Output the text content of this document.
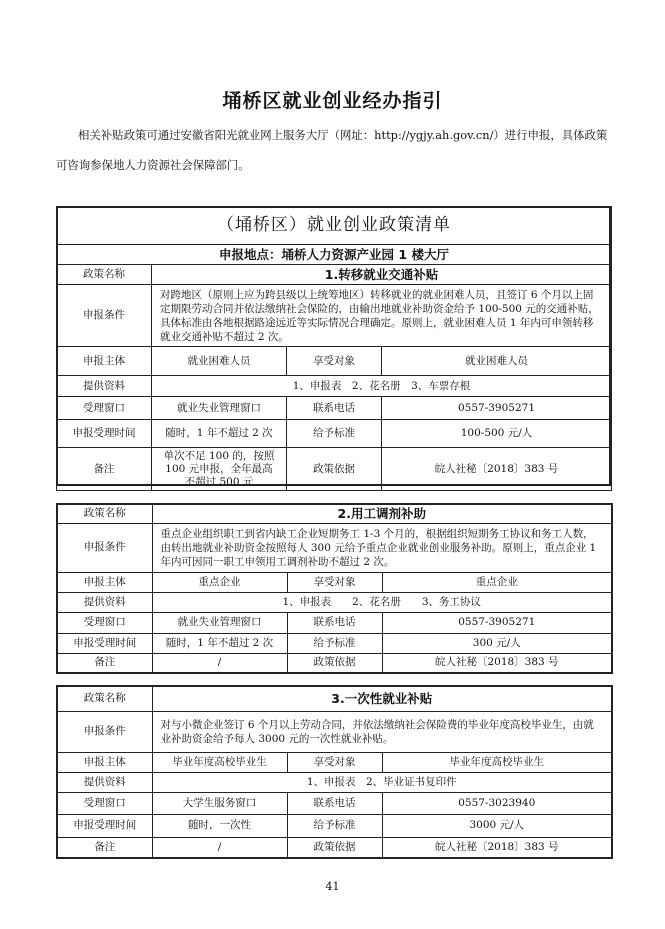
埇桥区就业创业经办指引
相关补贴政策可通过安徽省阳光就业网上服务大厅（网址：http://ygjy.ah.gov.cn/）进行申报，具体政策可咨询参保地人力资源社会保障部门。
（埇桥区）就业创业政策清单			
申报地点：埇桥人力资源产业园 1 楼大厅			
政策名称	1.转移就业交通补贴		
申报条件	对跨地区（原则上应为跨县级以上统筹地区）转移就业的就业困难人员，且签订 6 个月以上固定期限劳动合同并依法缴纳社会保险的，由输出地就业补助资金给予 100-500 元的交通补贴，具体标准由各地根据路途远近等实际情况合理确定。原则上，就业困难人员 1 年内可申领转移就业交通补贴不超过 2 次。		
申报主体	就业困难人员	享受对象	就业困难人员
提供资料	1、申报表　2、花名册　3、车票存根		
受理窗口	就业失业管理窗口	联系电话	0557-3905271
申报受理时间	随时，1 年不超过 2 次	给予标准	100-500 元/人
备注	单次不足 100 的，按照 100 元申报，全年最高不超过 500 元	政策依据	皖人社秘〔2018〕383 号
政策名称	2.用工调剂补助		
申报条件	重点企业组织职工到省内缺工企业短期务工 1-3 个月的，根据组织短期务工协议和务工人数，由转出地就业补助资金按照每人 300 元给予重点企业就业创业服务补助。原则上，重点企业 1 年内可因同一职工申领用工调剂补助不超过 2 次。		
申报主体	重点企业	享受对象	重点企业
提供资料	1、申报表　　2、花名册　　3、务工协议		
受理窗口	就业失业管理窗口	联系电话	0557-3905271
申报受理时间	随时，1 年不超过 2 次	给予标准	300 元/人
备注	/	政策依据	皖人社秘〔2018〕383 号
政策名称	3.一次性就业补贴		
申报条件	对与小微企业签订 6 个月以上劳动合同，并依法缴纳社会保险费的毕业年度高校毕业生，由就业补助资金给予每人 3000 元的一次性就业补贴。		
申报主体	毕业年度高校毕业生	享受对象	毕业年度高校毕业生
提供资料	1、申报表　2、毕业证书复印件		
受理窗口	大学生服务窗口	联系电话	0557-3023940
申报受理时间	随时，一次性	给予标准	3000 元/人
备注	/	政策依据	皖人社秘〔2018〕383 号
41
